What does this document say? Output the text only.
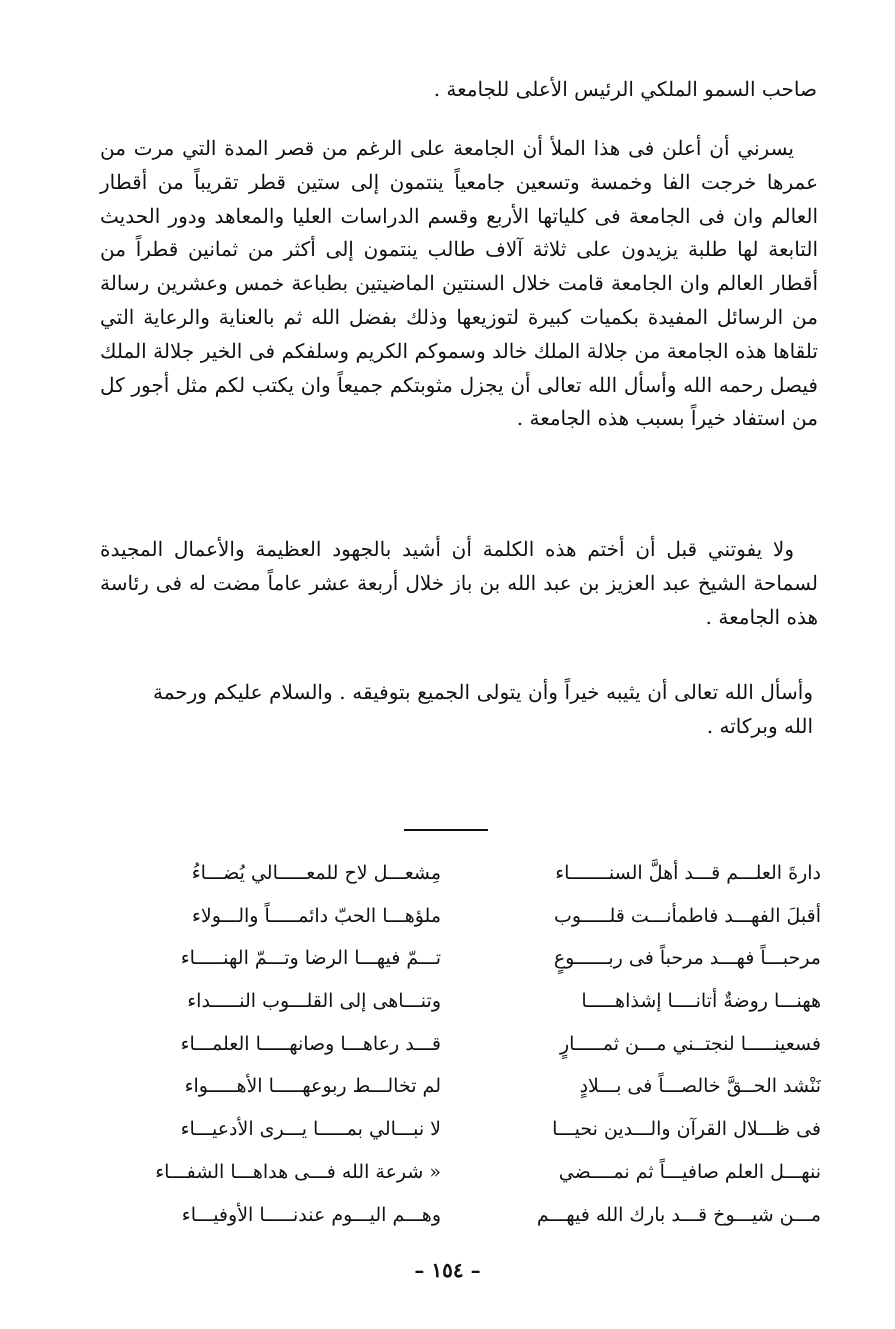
صاحب السمو الملكي الرئيس الأعلى للجامعة .

يسرني أن أعلن فى هذا الملأ أن الجامعة على الرغم من قصر المدة التي مرت من عمرها خرجت الفا وخمسة وتسعين جامعياً ينتمون إلى ستين قطر تقريباً من أقطار العالم وان فى الجامعة فى كلياتها الأربع وقسم الدراسات العليا والمعاهد ودور الحديث التابعة لها طلبة يزيدون على ثلاثة آلاف طالب ينتمون إلى أكثر من ثمانين قطراً من أقطار العالم وان الجامعة قامت خلال السنتين الماضيتين بطباعة خمس وعشرين رسالة من الرسائل المفيدة بكميات كبيرة لتوزيعها وذلك بفضل الله ثم بالعناية والرعاية التي تلقاها هذه الجامعة من جلالة الملك خالد وسموكم الكريم وسلفكم فى الخير جلالة الملك فيصل رحمه الله وأسأل الله تعالى أن يجزل مثوبتكم جميعاً وان يكتب لكم مثل أجور كل من استفاد خيراً بسبب هذه الجامعة .

ولا يفوتني قبل أن أختم هذه الكلمة أن أشيد بالجهود العظيمة والأعمال المجيدة لسماحة الشيخ عبد العزيز بن عبد الله بن باز خلال أربعة عشر عاماً مضت له فى رئاسة هذه الجامعة .

وأسأل الله تعالى أن يثيبه خيراً وأن يتولى الجميع بتوفيقه . والسلام عليكم ورحمة الله وبركاته .

دارةَ العلـــم قـــد أهلَّ السنـــــــاء
أقبلَ الفهـــد فاطمأنـــت قلـــــوب
مرحبـــاً فهـــد مرحباً فى ربــــــوعٍ
ههنـــا روضةٌ أتانــــا إشذاهـــــا
فسعينـــــا لنجتــني مـــن ثمـــــارٍ
نَنْشد الحــقَّ خالصـــاً فى بـــلادٍ
فى ظـــلال القرآن والـــدين نحيـــا
ننهـــل العلم صافيـــاً ثم نمــــضي
مـــن شيـــوخ قـــد بارك الله فيهـــم
مِشعـــل لاح للمعـــــالي يُضـــاءُ
ملؤهـــا الحبّ دائمـــــاً والـــولاء
تـــمّ فيهـــا الرضا وتـــمّ الهنـــــاء
وتنـــاهى إلى القلـــوب النـــــداء
قـــد رعاهـــا وصانهـــــا العلمـــاء
لم تخالـــط ربوعهـــــا الأهـــــواء
لا نبـــالي بمـــــا يـــرى الأدعيـــاء
« شرعة الله فـــى هداهـــا الشفـــاء
وهـــم اليـــوم عندنـــــا الأوفيـــاء
– ١٥٤ –
